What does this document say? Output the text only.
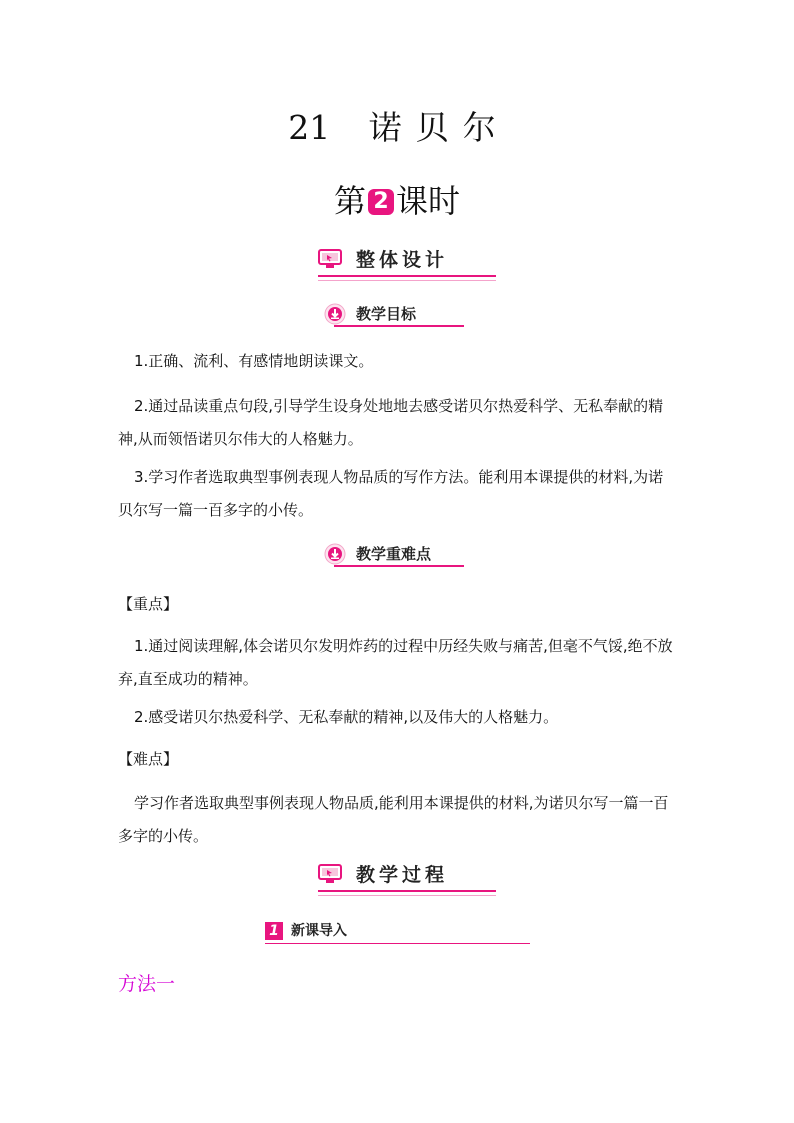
21 诺 贝 尔
第 2 课时
整体设计
教学目标

1.正确、流利、有感情地朗读课文。

2.通过品读重点句段,引导学生设身处地地去感受诺贝尔热爱科学、无私奉献的精神,从而领悟诺贝尔伟大的人格魅力。

3.学习作者选取典型事例表现人物品质的写作方法。能利用本课提供的材料,为诺贝尔写一篇一百多字的小传。

教学重难点
【重点】

1.通过阅读理解,体会诺贝尔发明炸药的过程中历经失败与痛苦,但毫不气馁,绝不放弃,直至成功的精神。

2.感受诺贝尔热爱科学、无私奉献的精神,以及伟大的人格魅力。

【难点】

学习作者选取典型事例表现人物品质,能利用本课提供的材料,为诺贝尔写一篇一百多字的小传。

教学过程
1 新课导入
方法一
